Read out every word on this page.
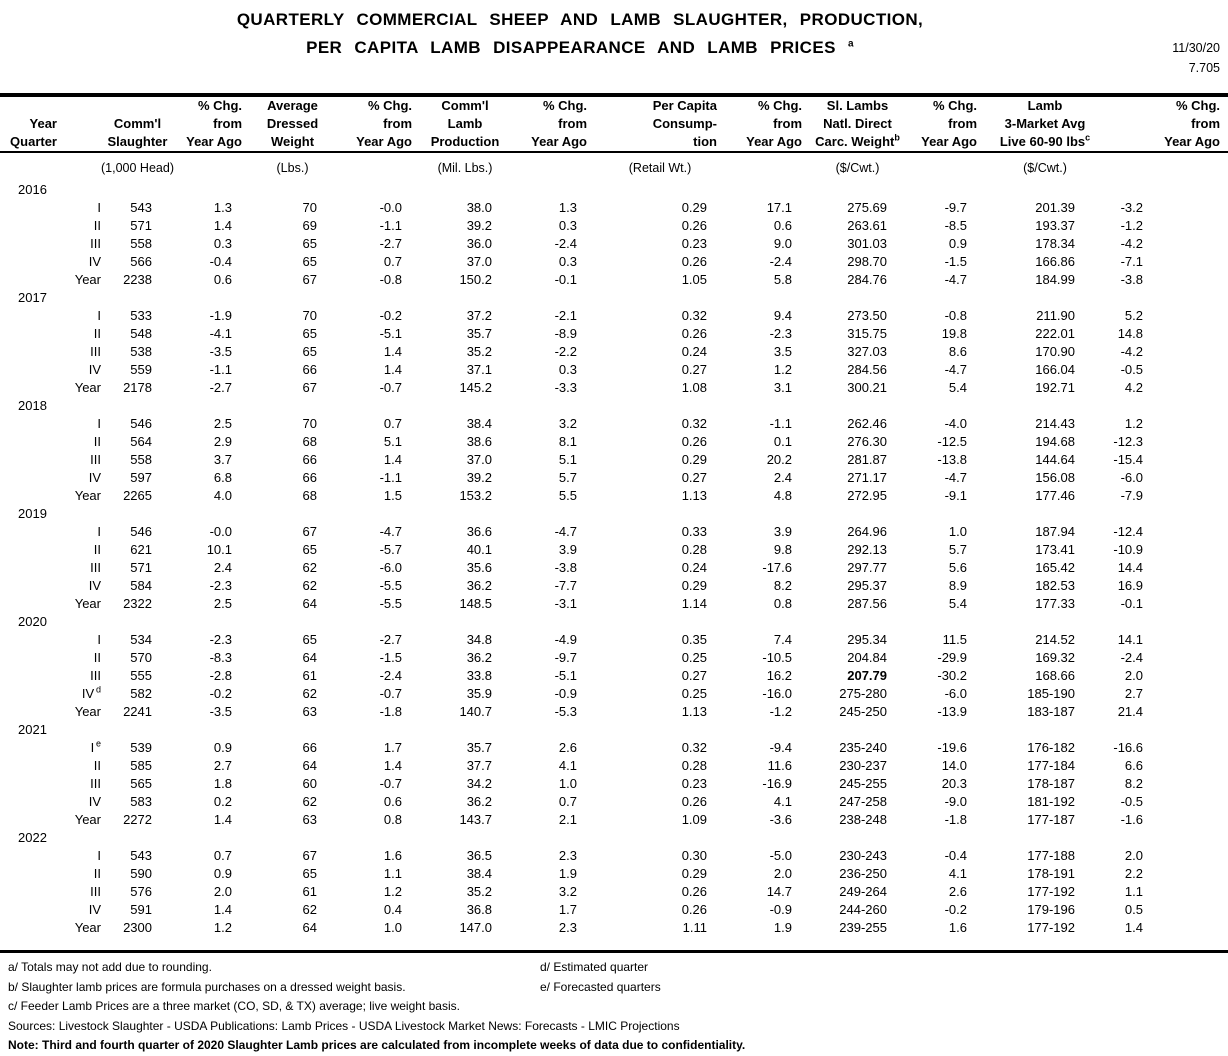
QUARTERLY COMMERCIAL SHEEP AND LAMB SLAUGHTER, PRODUCTION,
PER CAPITA LAMB DISAPPEARANCE AND LAMB PRICES $^a$	11/30/20
7.705
		% Chg.	Average	% Chg.	Comm'l	% Chg.	Per Capita	% Chg.	Sl. Lambs	% Chg.	Lamb	% Chg.
Year	Comm'l	from	Dressed	from	Lamb	from	Consump-	from	Natl. Direct	from	3-Market Avg	from
Quarter	Slaughter	Year Ago	Weight	Year Ago	Production	Year Ago	tion	Year Ago	Carc. Weight$^b$	Year Ago	Live 60-90 lbs$^c$	Year Ago

	(1,000 Head)		(Lbs.)		(Mil. Lbs.)		(Retail Wt.)		($/Cwt.)		($/Cwt.)	
2016												
I	543	1.3	70	-0.0	38.0	1.3	0.29	17.1	275.69	-9.7	201.39	-3.2
II	571	1.4	69	-1.1	39.2	0.3	0.26	0.6	263.61	-8.5	193.37	-1.2
III	558	0.3	65	-2.7	36.0	-2.4	0.23	9.0	301.03	0.9	178.34	-4.2
IV	566	-0.4	65	0.7	37.0	0.3	0.26	-2.4	298.70	-1.5	166.86	-7.1
Year	2238	0.6	67	-0.8	150.2	-0.1	1.05	5.8	284.76	-4.7	184.99	-3.8
2017												
I	533	-1.9	70	-0.2	37.2	-2.1	0.32	9.4	273.50	-0.8	211.90	5.2
II	548	-4.1	65	-5.1	35.7	-8.9	0.26	-2.3	315.75	19.8	222.01	14.8
III	538	-3.5	65	1.4	35.2	-2.2	0.24	3.5	327.03	8.6	170.90	-4.2
IV	559	-1.1	66	1.4	37.1	0.3	0.27	1.2	284.56	-4.7	166.04	-0.5
Year	2178	-2.7	67	-0.7	145.2	-3.3	1.08	3.1	300.21	5.4	192.71	4.2
2018												
I	546	2.5	70	0.7	38.4	3.2	0.32	-1.1	262.46	-4.0	214.43	1.2
II	564	2.9	68	5.1	38.6	8.1	0.26	0.1	276.30	-12.5	194.68	-12.3
III	558	3.7	66	1.4	37.0	5.1	0.29	20.2	281.87	-13.8	144.64	-15.4
IV	597	6.8	66	-1.1	39.2	5.7	0.27	2.4	271.17	-4.7	156.08	-6.0
Year	2265	4.0	68	1.5	153.2	5.5	1.13	4.8	272.95	-9.1	177.46	-7.9
2019												
I	546	-0.0	67	-4.7	36.6	-4.7	0.33	3.9	264.96	1.0	187.94	-12.4
II	621	10.1	65	-5.7	40.1	3.9	0.28	9.8	292.13	5.7	173.41	-10.9
III	571	2.4	62	-6.0	35.6	-3.8	0.24	-17.6	297.77	5.6	165.42	14.4
IV	584	-2.3	62	-5.5	36.2	-7.7	0.29	8.2	295.37	8.9	182.53	16.9
Year	2322	2.5	64	-5.5	148.5	-3.1	1.14	0.8	287.56	5.4	177.33	-0.1
2020												
I	534	-2.3	65	-2.7	34.8	-4.9	0.35	7.4	295.34	11.5	214.52	14.1
II	570	-8.3	64	-1.5	36.2	-9.7	0.25	-10.5	204.84	-29.9	169.32	-2.4
III	555	-2.8	61	-2.4	33.8	-5.1	0.27	16.2	207.79	-30.2	168.66	2.0
IV $^d$	582	-0.2	62	-0.7	35.9	-0.9	0.25	-16.0	275-280	-6.0	185-190	2.7
Year	2241	-3.5	63	-1.8	140.7	-5.3	1.13	-1.2	245-250	-13.9	183-187	21.4
2021												
I $^e$	539	0.9	66	1.7	35.7	2.6	0.32	-9.4	235-240	-19.6	176-182	-16.6
II	585	2.7	64	1.4	37.7	4.1	0.28	11.6	230-237	14.0	177-184	6.6
III	565	1.8	60	-0.7	34.2	1.0	0.23	-16.9	245-255	20.3	178-187	8.2
IV	583	0.2	62	0.6	36.2	0.7	0.26	4.1	247-258	-9.0	181-192	-0.5
Year	2272	1.4	63	0.8	143.7	2.1	1.09	-3.6	238-248	-1.8	177-187	-1.6
2022												
I	543	0.7	67	1.6	36.5	2.3	0.30	-5.0	230-243	-0.4	177-188	2.0
II	590	0.9	65	1.1	38.4	1.9	0.29	2.0	236-250	4.1	178-191	2.2
III	576	2.0	61	1.2	35.2	3.2	0.26	14.7	249-264	2.6	177-192	1.1
IV	591	1.4	62	0.4	36.8	1.7	0.26	-0.9	244-260	-0.2	179-196	0.5
Year	2300	1.2	64	1.0	147.0	2.3	1.11	1.9	239-255	1.6	177-192	1.4
a/ Totals may not add due to rounding.
b/ Slaughter lamb prices are formula purchases on a dressed weight basis.
c/ Feeder Lamb Prices are a three market (CO, SD, & TX) average; live weight basis.
Sources: Livestock Slaughter - USDA Publications: Lamb Prices - USDA Livestock Market News: Forecasts - LMIC Projections
Note: Third and fourth quarter of 2020 Slaughter Lamb prices are calculated from incomplete weeks of data due to confidentiality.
d/ Estimated quarter
e/ Forecasted quarters
